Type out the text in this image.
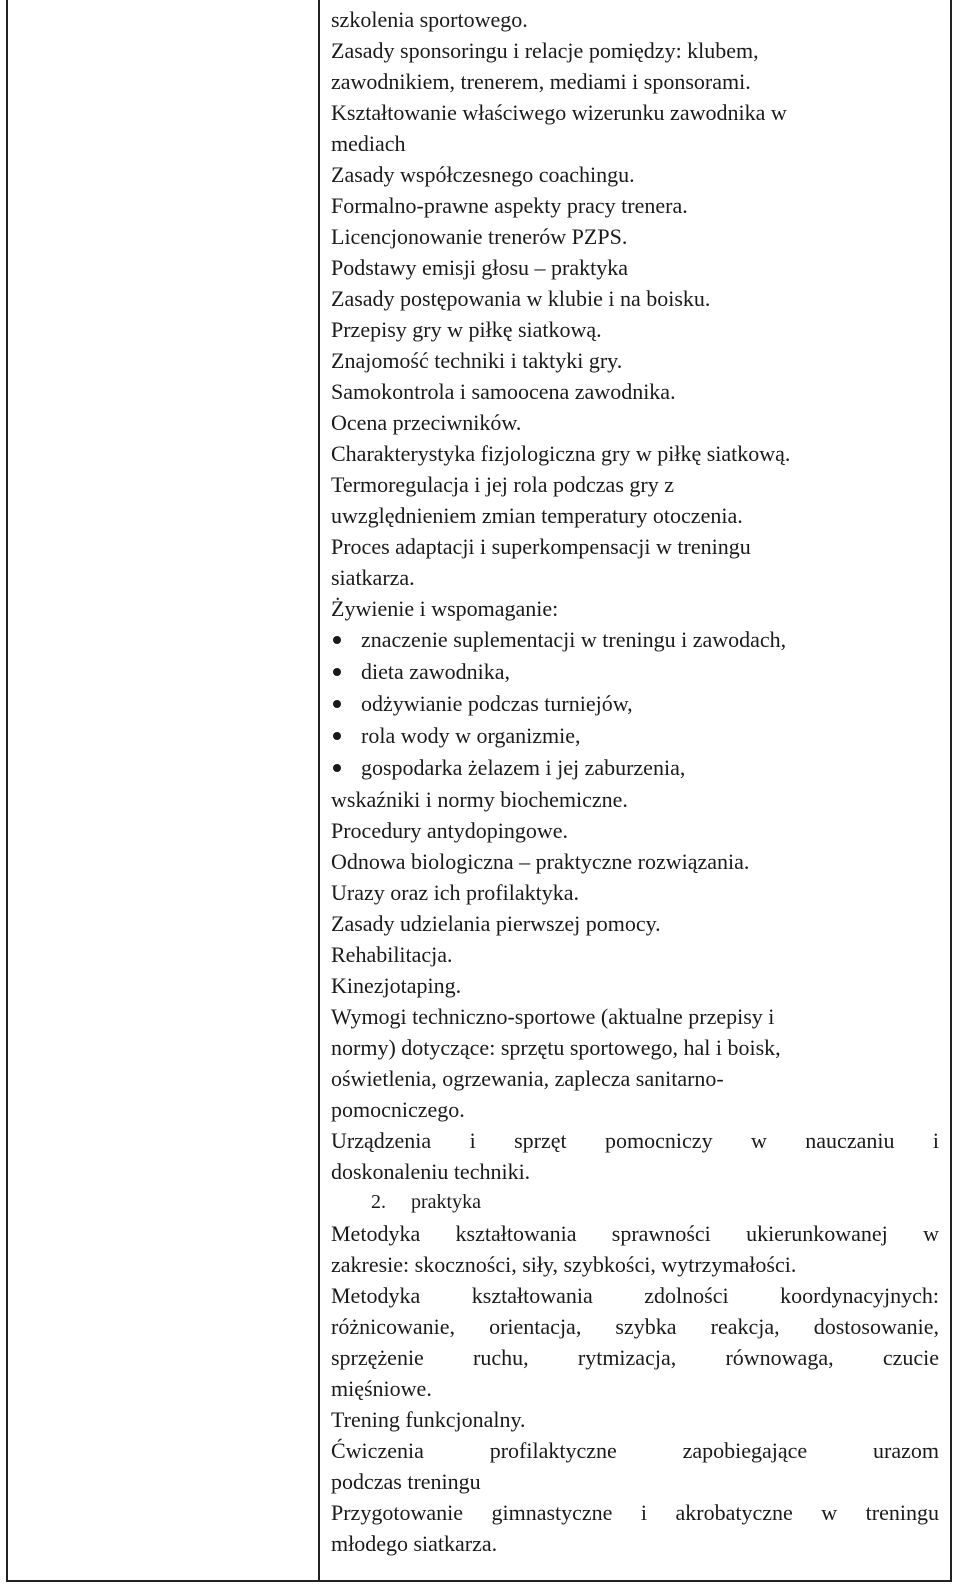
szkolenia sportowego.
Zasady sponsoringu i relacje pomiędzy: klubem,
zawodnikiem, trenerem, mediami i sponsorami.
Kształtowanie właściwego wizerunku zawodnika w
mediach
Zasady współczesnego coachingu.
Formalno-prawne aspekty pracy trenera.
Licencjonowanie trenerów PZPS.
Podstawy emisji głosu – praktyka
Zasady postępowania w klubie i na boisku.
Przepisy gry w piłkę siatkową.
Znajomość techniki i taktyki gry.
Samokontrola i samoocena zawodnika.
Ocena przeciwników.
Charakterystyka fizjologiczna gry w piłkę siatkową.
Termoregulacja i jej rola podczas gry z
uwzględnieniem zmian temperatury otoczenia.
Proces adaptacji i superkompensacji w treningu
siatkarza.
Żywienie i wspomaganie:
znaczenie suplementacji w treningu i zawodach,
dieta zawodnika,
odżywianie podczas turniejów,
rola wody w organizmie,
gospodarka żelazem i jej zaburzenia,
wskaźniki i normy biochemiczne.
Procedury antydopingowe.
Odnowa biologiczna – praktyczne rozwiązania.
Urazy oraz ich profilaktyka.
Zasady udzielania pierwszej pomocy.
Rehabilitacja.
Kinezjotaping.
Wymogi techniczno-sportowe (aktualne przepisy i
normy) dotyczące: sprzętu sportowego, hal i boisk,
oświetlenia, ogrzewania, zaplecza sanitarno-
pomocniczego.
Urządzenia i sprzęt pomocniczy w nauczaniu i
doskonaleniu techniki.
2. praktyka
Metodyka kształtowania sprawności ukierunkowanej w
zakresie: skoczności, siły, szybkości, wytrzymałości.
Metodyka kształtowania zdolności koordynacyjnych:
różnicowanie, orientacja, szybka reakcja, dostosowanie,
sprzężenie ruchu, rytmizacja, równowaga, czucie
mięśniowe.
Trening funkcjonalny.
Ćwiczenia profilaktyczne zapobiegające urazom
podczas treningu
Przygotowanie gimnastyczne i akrobatyczne w treningu
młodego siatkarza.
